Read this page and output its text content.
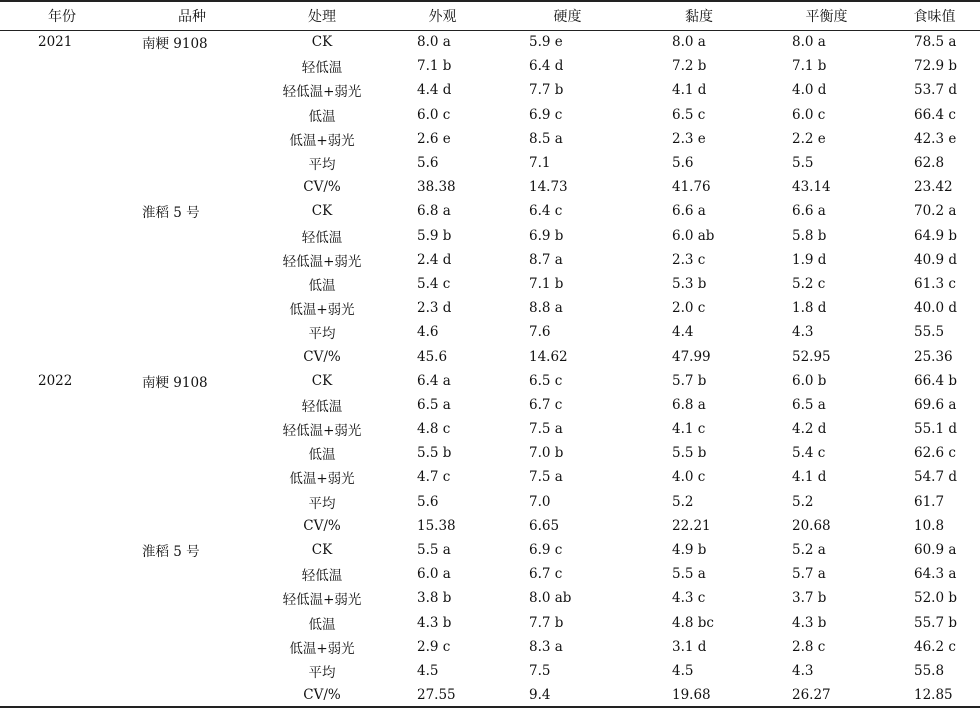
年份	品种	处理	外观	硬度	黏度	平衡度	食味值
2021	南粳 9108	CK	8.0 a	5.9 e	8.0 a	8.0 a	78.5 a
		轻低温	7.1 b	6.4 d	7.2 b	7.1 b	72.9 b
		轻低温+弱光	4.4 d	7.7 b	4.1 d	4.0 d	53.7 d
		低温	6.0 c	6.9 c	6.5 c	6.0 c	66.4 c
		低温+弱光	2.6 e	8.5 a	2.3 e	2.2 e	42.3 e
		平均	5.6	7.1	5.6	5.5	62.8
		CV/%	38.38	14.73	41.76	43.14	23.42
	淮稻 5 号	CK	6.8 a	6.4 c	6.6 a	6.6 a	70.2 a
		轻低温	5.9 b	6.9 b	6.0 ab	5.8 b	64.9 b
		轻低温+弱光	2.4 d	8.7 a	2.3 c	1.9 d	40.9 d
		低温	5.4 c	7.1 b	5.3 b	5.2 c	61.3 c
		低温+弱光	2.3 d	8.8 a	2.0 c	1.8 d	40.0 d
		平均	4.6	7.6	4.4	4.3	55.5
		CV/%	45.6	14.62	47.99	52.95	25.36
2022	南粳 9108	CK	6.4 a	6.5 c	5.7 b	6.0 b	66.4 b
		轻低温	6.5 a	6.7 c	6.8 a	6.5 a	69.6 a
		轻低温+弱光	4.8 c	7.5 a	4.1 c	4.2 d	55.1 d
		低温	5.5 b	7.0 b	5.5 b	5.4 c	62.6 c
		低温+弱光	4.7 c	7.5 a	4.0 c	4.1 d	54.7 d
		平均	5.6	7.0	5.2	5.2	61.7
		CV/%	15.38	6.65	22.21	20.68	10.8
	淮稻 5 号	CK	5.5 a	6.9 c	4.9 b	5.2 a	60.9 a
		轻低温	6.0 a	6.7 c	5.5 a	5.7 a	64.3 a
		轻低温+弱光	3.8 b	8.0 ab	4.3 c	3.7 b	52.0 b
		低温	4.3 b	7.7 b	4.8 bc	4.3 b	55.7 b
		低温+弱光	2.9 c	8.3 a	3.1 d	2.8 c	46.2 c
		平均	4.5	7.5	4.5	4.3	55.8
		CV/%	27.55	9.4	19.68	26.27	12.85
